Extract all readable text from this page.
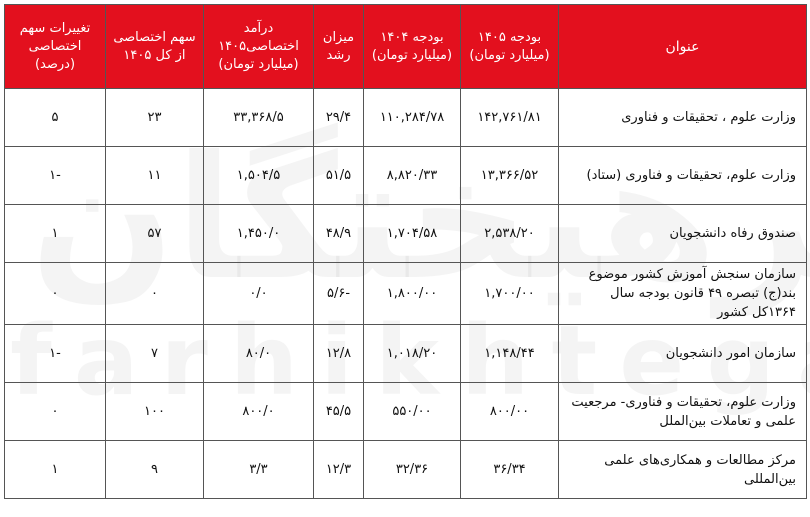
عنوان	بودجه ۱۴۰۵ (میلیارد تومان)	بودجه ۱۴۰۴ (میلیارد تومان)	میزان رشد	درآمد اختصاصی۱۴۰۵ (میلیارد تومان)	سهم اختصاصی از کل ۱۴۰۵	تغییرات سهم اختصاصی (درصد)
وزارت علوم ، تحقیقات و فناوری	۱۴۲,۷۶۱/۸۱	۱۱۰,۲۸۴/۷۸	۲۹/۴	۳۳,۳۶۸/۵	۲۳	۵
وزارت علوم، تحقیقات و فناوری (ستاد)	۱۳,۳۶۶/۵۲	۸,۸۲۰/۳۳	۵۱/۵	۱,۵۰۴/۵	۱۱	-۱
صندوق رفاه دانشجویان	۲,۵۳۸/۲۰	۱,۷۰۴/۵۸	۴۸/۹	۱,۴۵۰/۰	۵۷	۱
سازمان سنجش آموزش کشور موضوع بند(ج) تبصره ۴۹ قانون بودجه سال ۱۳۶۴کل کشور	۱,۷۰۰/۰۰	۱,۸۰۰/۰۰	-۵/۶	۰/۰	۰	۰
سازمان امور دانشجویان	۱,۱۴۸/۴۴	۱,۰۱۸/۲۰	۱۲/۸	۸۰/۰	۷	-۱
وزارت علوم، تحقیقات و فناوری- مرجعیت علمی و تعاملات بین‌الملل	۸۰۰/۰۰	۵۵۰/۰۰	۴۵/۵	۸۰۰/۰	۱۰۰	۰
مرکز مطالعات و همکاری‌های علمی بین‌المللی	۳۶/۳۴	۳۲/۳۶	۱۲/۳	۳/۳	۹	۱
